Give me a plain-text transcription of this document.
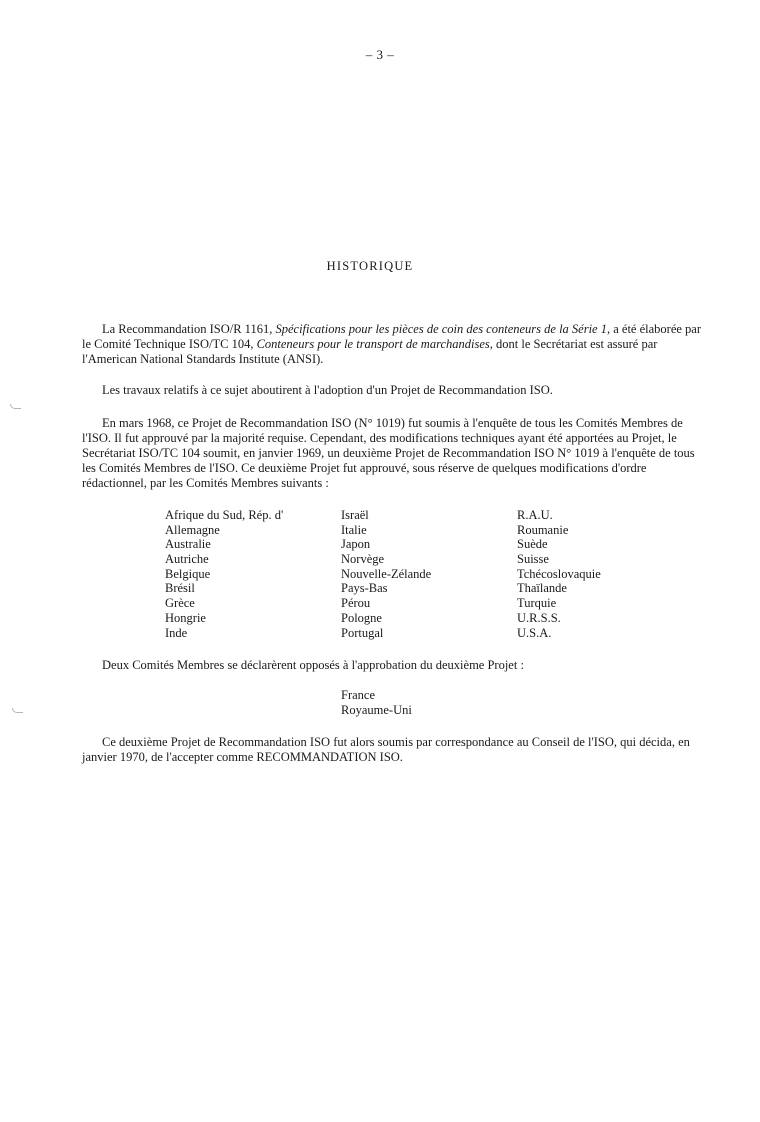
– 3 –
HISTORIQUE

La Recommandation ISO/R 1161, Spécifications pour les pièces de coin des conteneurs de la Série 1, a été élaborée par le Comité Technique ISO/TC 104, Conteneurs pour le transport de marchandises, dont le Secrétariat est assuré par l'American National Standards Institute (ANSI).

Les travaux relatifs à ce sujet aboutirent à l'adoption d'un Projet de Recommandation ISO.

En mars 1968, ce Projet de Recommandation ISO (N° 1019) fut soumis à l'enquête de tous les Comités Membres de l'ISO. Il fut approuvé par la majorité requise. Cependant, des modifications techniques ayant été apportées au Projet, le Secrétariat ISO/TC 104 soumit, en janvier 1969, un deuxième Projet de Recommandation ISO N° 1019 à l'enquête de tous les Comités Membres de l'ISO. Ce deuxième Projet fut approuvé, sous réserve de quelques modifications d'ordre rédactionnel, par les Comités Membres suivants :

Afrique du Sud, Rép. d'
Allemagne
Australie
Autriche
Belgique
Brésil
Grèce
Hongrie
Inde
Israël
Italie
Japon
Norvège
Nouvelle-Zélande
Pays-Bas
Pérou
Pologne
Portugal
R.A.U.
Roumanie
Suède
Suisse
Tchécoslovaquie
Thaïlande
Turquie
U.R.S.S.
U.S.A.

Deux Comités Membres se déclarèrent opposés à l'approbation du deuxième Projet :

France
Royaume-Uni

Ce deuxième Projet de Recommandation ISO fut alors soumis par correspondance au Conseil de l'ISO, qui décida, en janvier 1970, de l'accepter comme RECOMMANDATION ISO.
